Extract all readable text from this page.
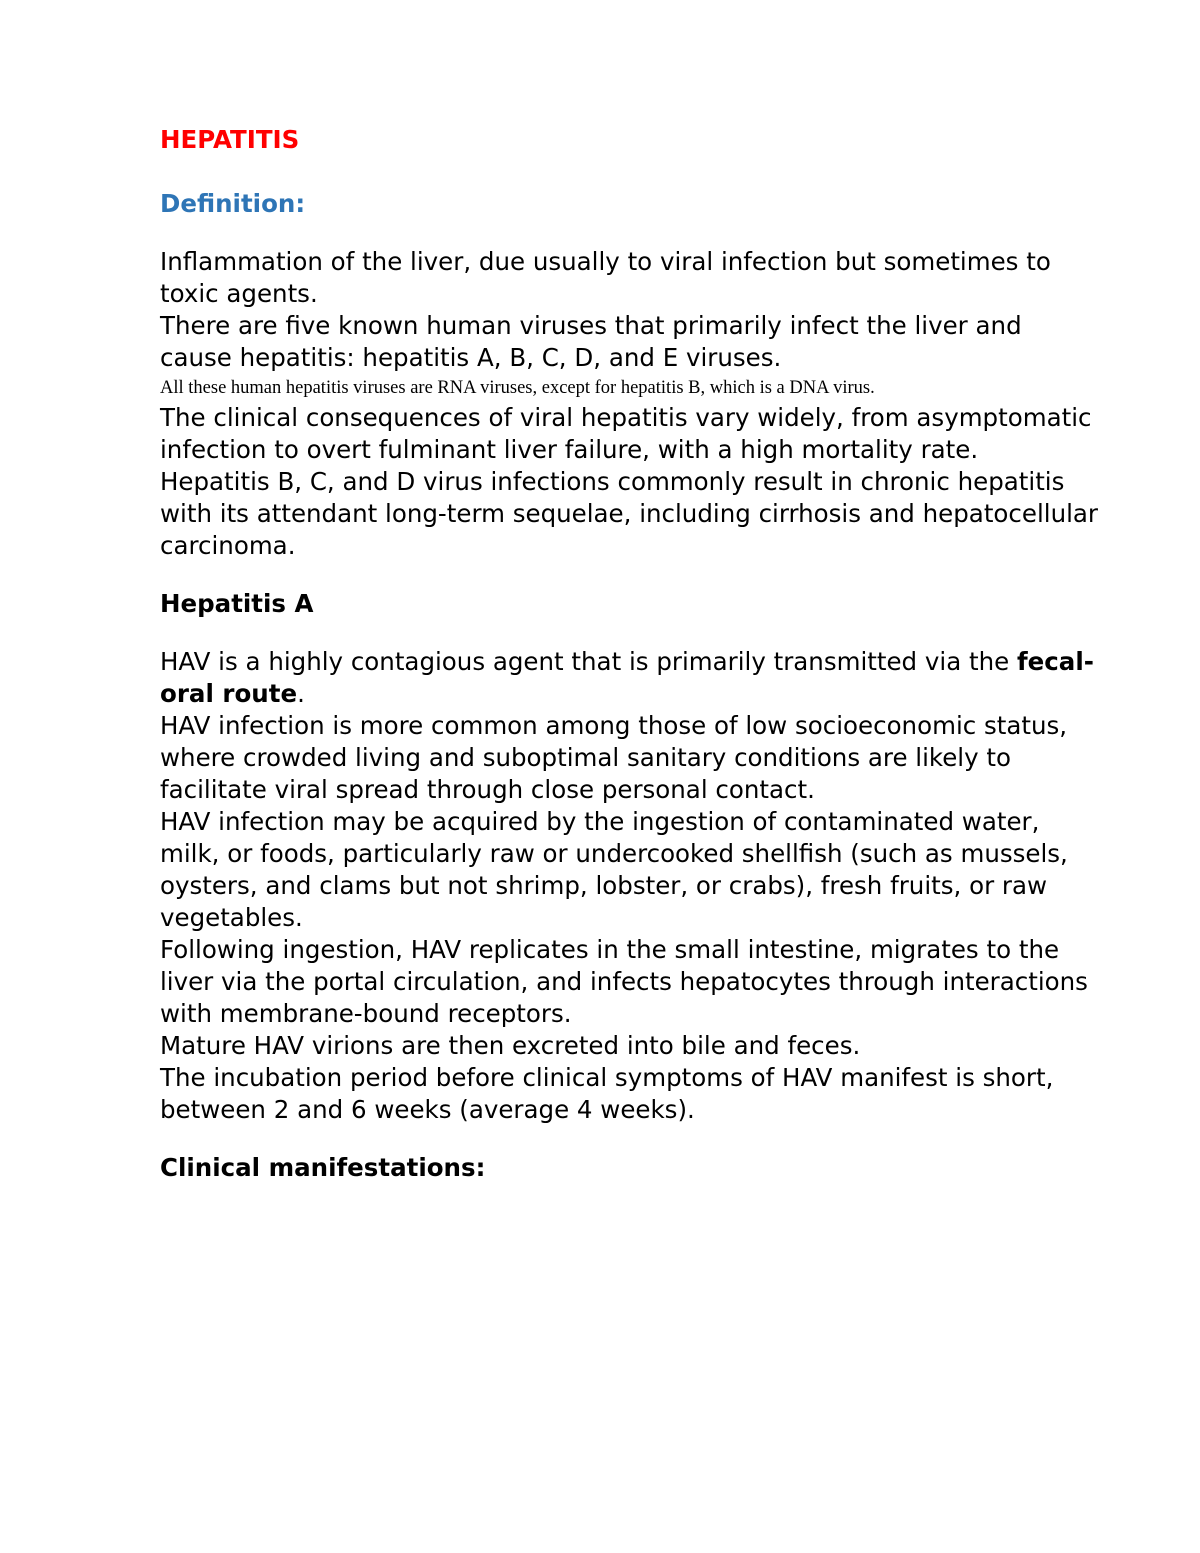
HEPATITIS
Definition:

Inflammation of the liver, due usually to viral infection but sometimes to toxic agents.

There are five known human viruses that primarily infect the liver and cause hepatitis: hepatitis A, B, C, D, and E viruses.

All these human hepatitis viruses are RNA viruses, except for hepatitis B, which is a DNA virus.

The clinical consequences of viral hepatitis vary widely, from asymptomatic infection to overt fulminant liver failure, with a high mortality rate.

Hepatitis B, C, and D virus infections commonly result in chronic hepatitis with its attendant long-term sequelae, including cirrhosis and hepatocellular carcinoma.

Hepatitis A

HAV is a highly contagious agent that is primarily transmitted via the fecal-oral route.

HAV infection is more common among those of low socioeconomic status, where crowded living and suboptimal sanitary conditions are likely to facilitate viral spread through close personal contact.

HAV infection may be acquired by the ingestion of contaminated water, milk, or foods, particularly raw or undercooked shellfish (such as mussels, oysters, and clams but not shrimp, lobster, or crabs), fresh fruits, or raw vegetables.

Following ingestion, HAV replicates in the small intestine, migrates to the liver via the portal circulation, and infects hepatocytes through interactions with membrane-bound receptors.

Mature HAV virions are then excreted into bile and feces.

The incubation period before clinical symptoms of HAV manifest is short, between 2 and 6 weeks (average 4 weeks).

Clinical manifestations:
